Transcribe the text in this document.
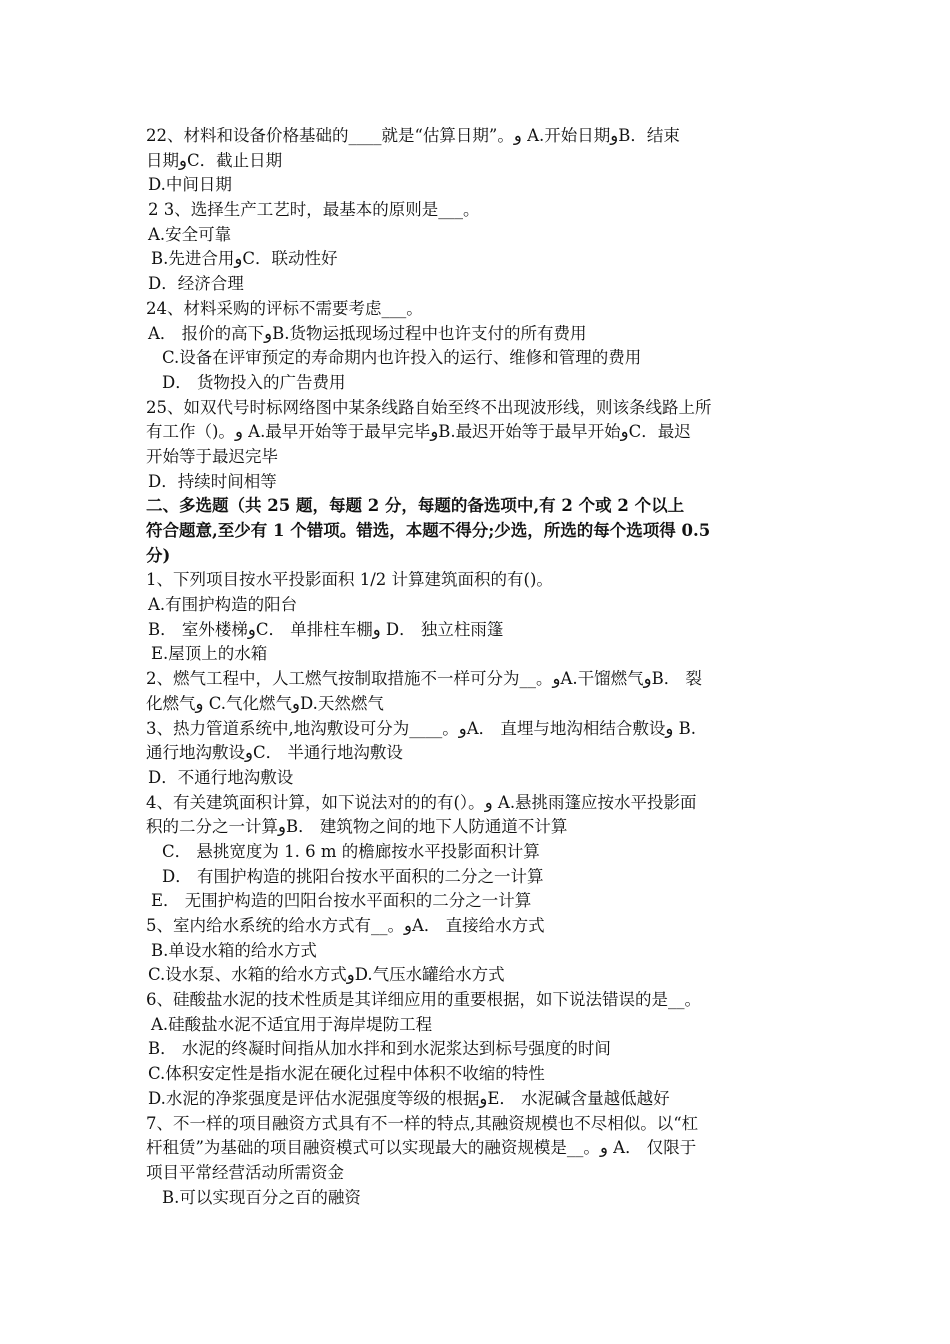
22、材料和设备价格基础的____就是“估算日期”。و A.开始日期وB．结束
日期وC．截止日期
D.中间日期
2 3、选择生产工艺时，最基本的原则是___。
A.安全可靠
B.先进合用وC．联动性好
D．经济合理
24、材料采购的评标不需要考虑___。
A． 报价的高下وB.货物运抵现场过程中也许支付的所有费用
C.设备在评审预定的寿命期内也许投入的运行、维修和管理的费用
D． 货物投入的广告费用
25、如双代号时标网络图中某条线路自始至终不出现波形线，则该条线路上所
有工作（)。و A.最早开始等于最早完毕وB.最迟开始等于最早开始وC．最迟
开始等于最迟完毕
D．持续时间相等
二、多选题（共 25 题，每题 2 分，每题的备选项中,有 2 个或 2 个以上
符合题意,至少有 1 个错项。错选，本题不得分;少选，所选的每个选项得 0.5
分)
1、下列项目按水平投影面积 1/2 计算建筑面积的有()。
A.有围护构造的阳台
B． 室外楼梯وC． 单排柱车棚و D． 独立柱雨篷
E.屋顶上的水箱
2、燃气工程中，人工燃气按制取措施不一样可分为__。وA.干馏燃气وB． 裂
化燃气و C.气化燃气وD.天然燃气
3、热力管道系统中,地沟敷设可分为____。وA． 直埋与地沟相结合敷设و B.
通行地沟敷设وC． 半通行地沟敷设
D．不通行地沟敷设
4、有关建筑面积计算，如下说法对的的有(）。و A.悬挑雨篷应按水平投影面
积的二分之一计算وB． 建筑物之间的地下人防通道不计算
C． 悬挑宽度为 1. 6 m 的檐廊按水平投影面积计算
D． 有围护构造的挑阳台按水平面积的二分之一计算
E． 无围护构造的凹阳台按水平面积的二分之一计算
5、室内给水系统的给水方式有__。وA． 直接给水方式
B.单设水箱的给水方式
C.设水泵、水箱的给水方式وD.气压水罐给水方式
6、硅酸盐水泥的技术性质是其详细应用的重要根据，如下说法错误的是__。
A.硅酸盐水泥不适宜用于海岸堤防工程
B． 水泥的终凝时间指从加水拌和到水泥浆达到标号强度的时间
C.体积安定性是指水泥在硬化过程中体积不收缩的特性
D.水泥的净浆强度是评估水泥强度等级的根据وE． 水泥碱含量越低越好
7、不一样的项目融资方式具有不一样的特点,其融资规模也不尽相似。以“杠
杆租赁”为基础的项目融资模式可以实现最大的融资规模是__。و A． 仅限于
项目平常经营活动所需资金
B.可以实现百分之百的融资
